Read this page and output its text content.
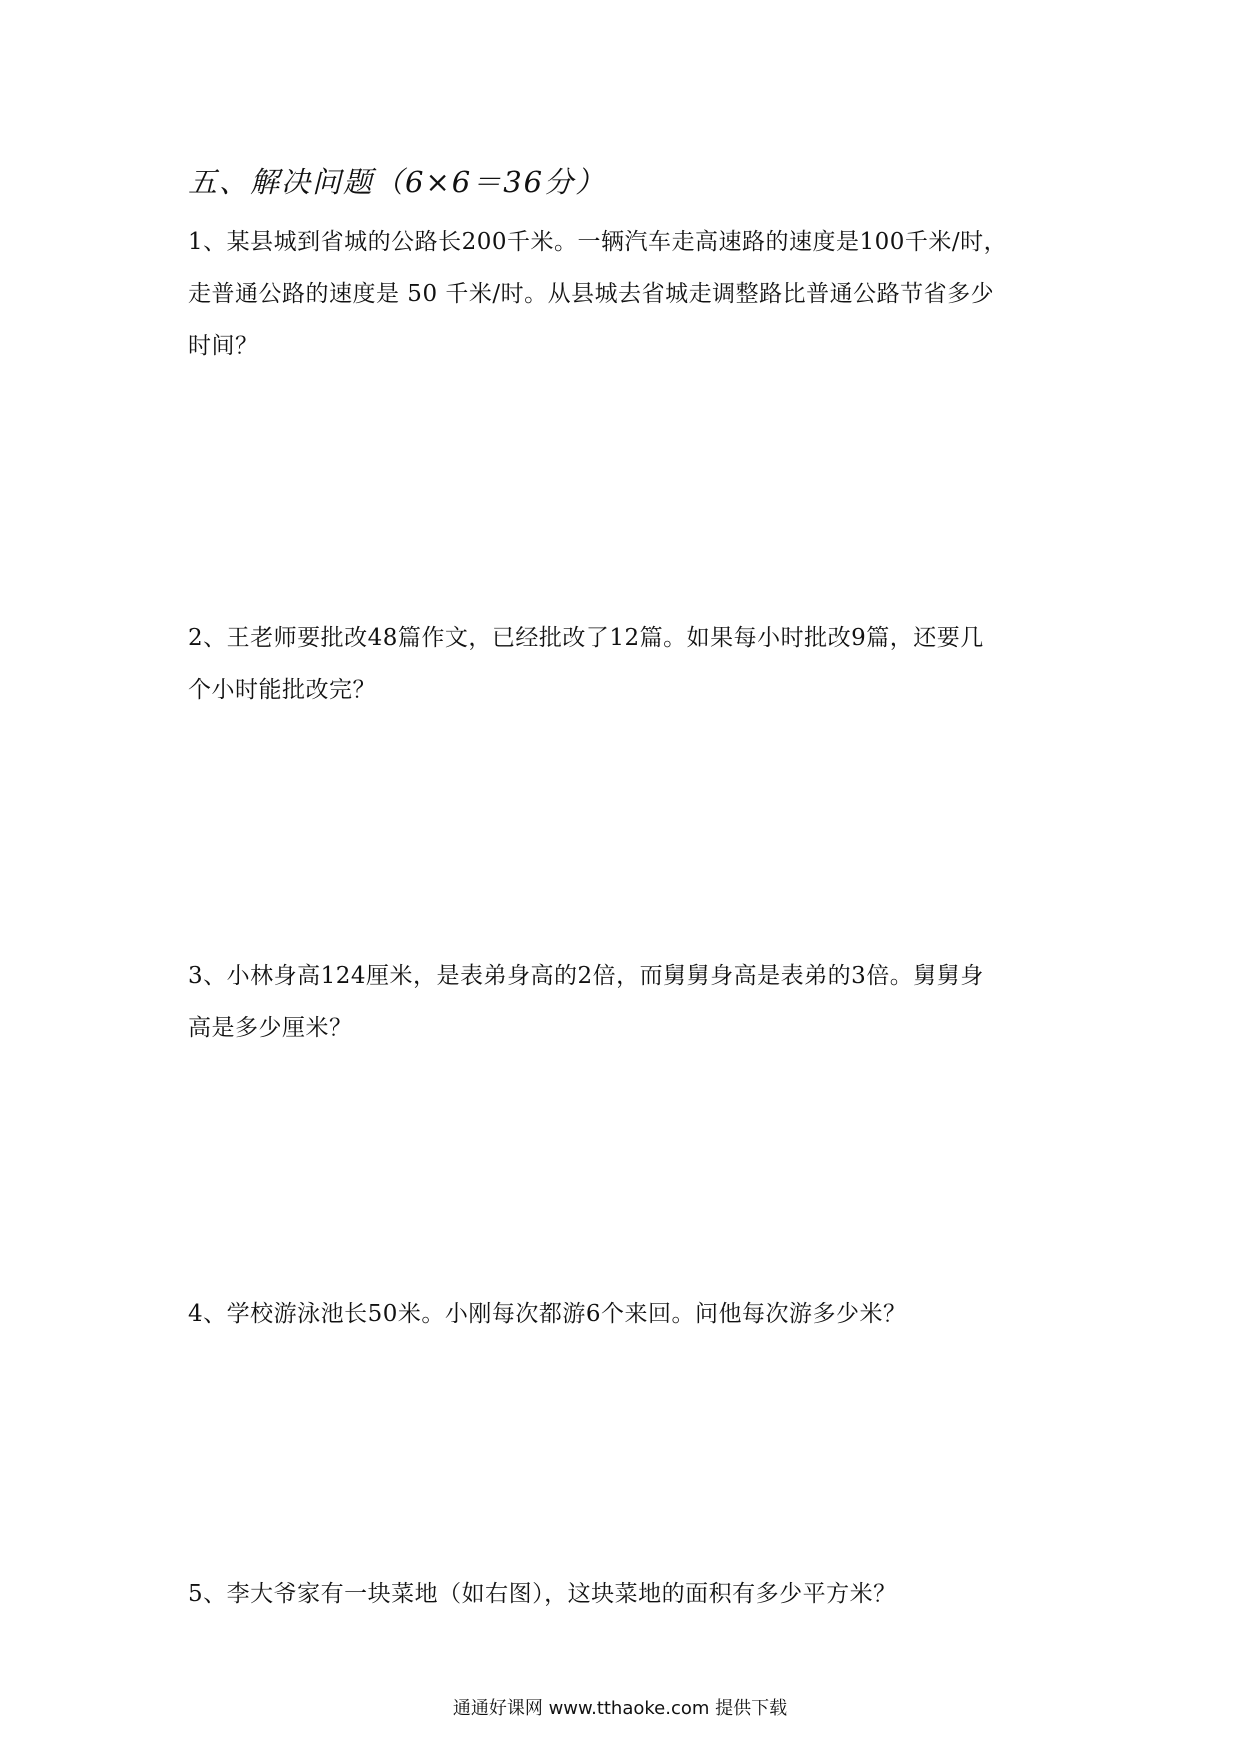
五、解决问题（6×6＝36分）
1、某县城到省城的公路长200千米。一辆汽车走高速路的速度是100千米/时，
走普通公路的速度是 50 千米/时。从县城去省城走调整路比普通公路节省多少
时间？
2、王老师要批改48篇作文，已经批改了12篇。如果每小时批改9篇，还要几
个小时能批改完？
3、小林身高124厘米，是表弟身高的2倍，而舅舅身高是表弟的3倍。舅舅身
高是多少厘米？
4、学校游泳池长50米。小刚每次都游6个来回。问他每次游多少米？
5、李大爷家有一块菜地（如右图），这块菜地的面积有多少平方米？
通通好课网 www.tthaoke.com 提供下载
